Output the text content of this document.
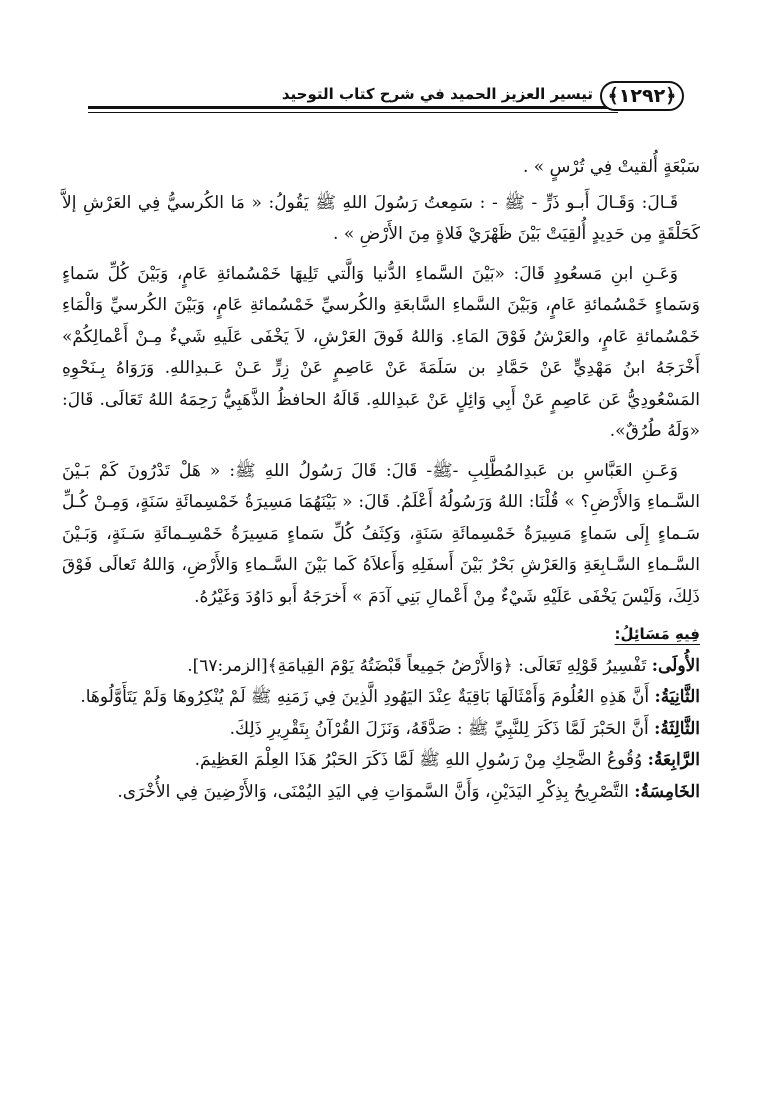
تيسير العزيز الحميد في شرح كتاب التوحيد ﴿١٢٩٢﴾

سَبْعَةٍ أُلقيتْ فِي تُرْسٍ » .

قَـالَ: وَقَـالَ أَبـو ذَرٍّ - ﷺ - : سَمِعتُ رَسُولَ اللهِ ﷺ يَقُولُ: « مَا الكُرسيُّ فِي العَرْشِ إلاَّ كَحَلْقَةٍ مِن حَدِيدٍ أُلقِيَتْ بَيْنَ ظَهْرَيْ فَلاةٍ مِنَ الأَرْضِ » .

وَعَـنِ ابنِ مَسعُودٍ قَالَ: «بَيْنَ السَّماءِ الدُّنيا وَالَّتي تَلِيهَا خَمْسُمائةِ عَامٍ، وَبَيْنَ كُلِّ سَماءٍ وَسَماءٍ خَمْسُمائةِ عَامٍ، وَبَيْنَ السَّماءِ السَّابعَةِ والكُرسيِّ خَمْسُمائةِ عَامٍ، وَبَيْنَ الكُرسيِّ وَالْمَاءِ خَمْسُمائةِ عَامٍ، والعَرْشُ فَوْقَ المَاءِ. وَاللهُ فَوقَ العَرْشِ، لاَ يَخْفَى عَلَيهِ شَيءٌ مِـنْ أَعْمالِكُمْ» أَخْرَجَهُ ابنُ مَهْدِيٍّ عَنْ حَمَّادِ بن سَلَمَةَ عَنْ عَاصِمٍ عَنْ زِرٍّ عَـنْ عَـبدِاللهِ. وَرَوَاهُ بِـنَحْوِهِ المَسْعُودِيُّ عَن عَاصِمٍ عَنْ أَبِي وَائِلٍ عَنْ عَبدِاللهِ. قَالَهُ الحافظُ الذَّهَبِيُّ رَحِمَهُ اللهُ تَعَالَى. قَالَ: «وَلَهُ طُرُقٌ».

وَعَـنِ العَبَّاسِ بن عَبدِالمُطَّلِبِ -ﷺ- قَالَ: قَالَ رَسُولُ اللهِ ﷺ: « هَلْ تَدْرُونَ كَمْ بَـيْنَ السَّـماءِ وَالأَرْضِ؟ » قُلْنَا: اللهُ وَرَسُولُهُ أَعْلَمُ. قَالَ: « بَيْنَهُمَا مَسِيرَةُ خَمْسِمائَةِ سَنَةٍ، وَمِـنْ كُـلِّ سَـماءٍ إِلَى سَماءٍ مَسِيرَةُ خَمْسِمائَةِ سَنَةٍ، وَكِثَفُ كُلِّ سَماءٍ مَسِيرَةُ خَمْسِـمائَةِ سَـنَةٍ، وَبَـيْنَ السَّـماءِ السَّـابِعَةِ وَالعَرْشِ بَحْرٌ بَيْنَ أَسفَلِهِ وَأَعلاَهُ كَما بَيْنَ السَّـماءِ وَالأَرْضِ، وَاللهُ تَعالَى فَوْقَ ذَلِكَ، وَلَيْسَ يَخْفَى عَلَيْهِ شَيْءٌ مِنْ أَعْمالِ بَنِي آدَمَ » أَخرَجَهُ أَبو دَاوُدَ وَغَيْرُهُ.

فِيهِ مَسَائِلُ:

الأُولَى: تَفْسِيرُ قَوْلِهِ تَعَالَى: ﴿وَالأَرْضُ جَمِيعاً قَبْضَتُهُ يَوْمَ القِيامَةِ﴾[الزمر:٦٧].

الثَّانِيَةُ: أَنَّ هَذِهِ العُلُومَ وَأَمْثَالَهَا بَاقِيَةٌ عِنْدَ اليَهُودِ الَّذِينَ فِي زَمَنِهِ ﷺ لَمْ يُنْكِرُوهَا وَلَمْ يَتَأَوَّلُوهَا.

الثَّالِثَةُ: أَنَّ الحَبْرَ لَمَّا ذَكَرَ لِلنَّبِيِّ ﷺ : صَدَّقَهُ، وَنَزَلَ القُرْآنُ بِتَقْرِيرِ ذَلِكَ.

الرَّابِعَةُ: وُقُوعُ الضَّحِكِ مِنْ رَسُولِ اللهِ ﷺ لَمَّا ذَكَرَ الحَبْرُ هَذَا العِلْمَ العَظِيمَ.

الخَامِسَةُ: التَّصْرِيحُ بِذِكْرِ اليَدَيْنِ، وَأَنَّ السَّموَاتِ فِي اليَدِ اليُمْنَى، وَالأَرْضِينَ فِي الأُخْرَى.
